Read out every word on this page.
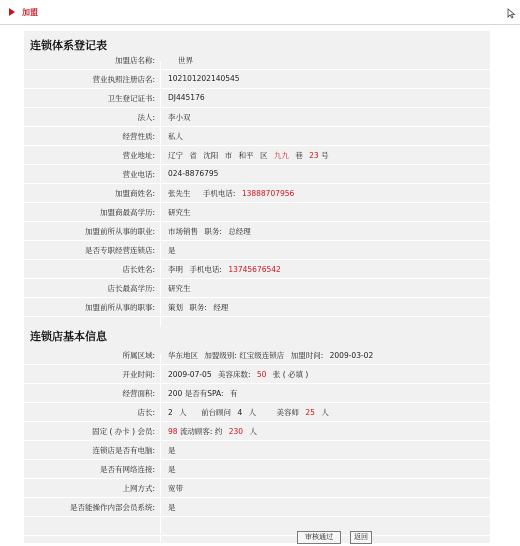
加盟
连锁体系登记表
加盟店名称:	世界
营业执照注册店名: 102101202140545
卫生登记证书: DJ445176
法人: 李小双
经营性质: 私人
营业地址: 辽宁 省 沈阳 市 和平 区 九九 巷 23 号
营业电话: 024-8876795
加盟商姓名: 张先生 手机电话: 13888707956
加盟商最高学历: 研究生
加盟前所从事的职业: 市场销售 职务: 总经理
是否专职经营连锁店: 是
店长姓名: 李明 手机电话: 13745676542
店长最高学历: 研究生
加盟前所从事的职事: 策划 职务: 经理
连锁店基本信息
所属区域: 华东地区 加盟级别: 红宝级连锁店 加盟时间: 2009-03-02
开业时间: 2009-07-05 美容床数: 50 张 ( 必填 )
经营面积: 200 是否有SPA: 有
店长: 2 人 前台顾问 4 人	美容师 25 人
固定 ( 办卡 ) 会员: 98 流动顾客: 约 230 人
连锁店是否有电脑: 是
是否有网络连接: 是
上网方式: 宽带
是否能操作内部会员系统: 是
审核通过	返回
